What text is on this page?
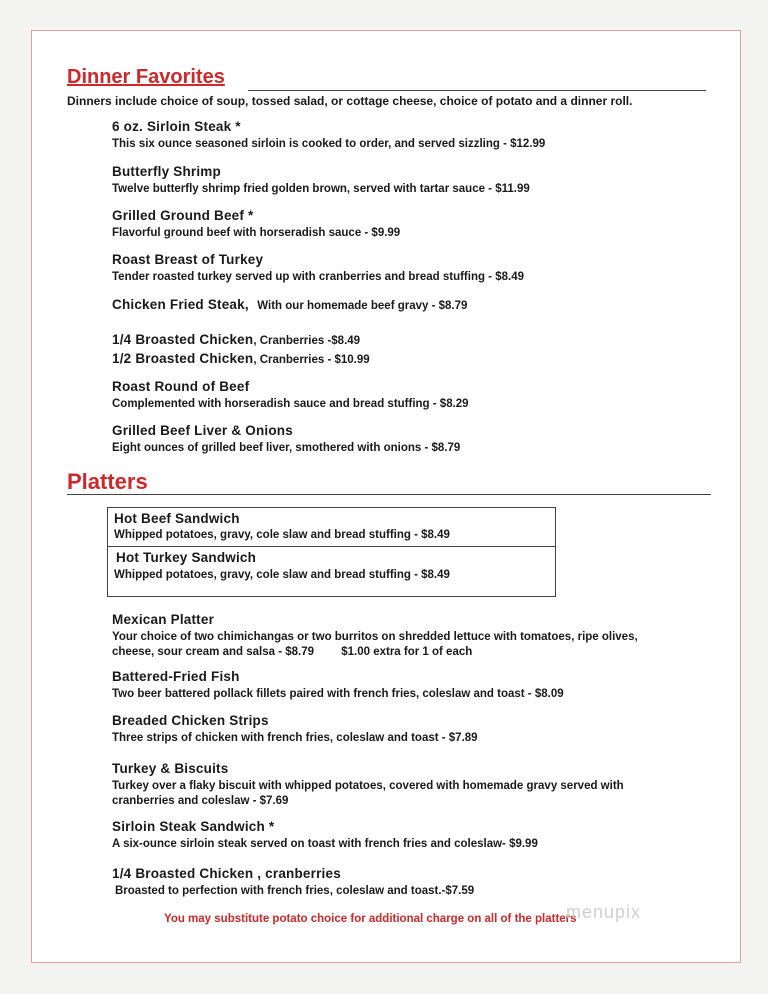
Dinner Favorites
Dinners include choice of soup, tossed salad, or cottage cheese, choice of potato and a dinner roll.
6 oz. Sirloin Steak *
This six ounce seasoned sirloin is cooked to order, and served sizzling - $12.99
Butterfly Shrimp
Twelve butterfly shrimp fried golden brown, served with tartar sauce - $11.99
Grilled Ground Beef *
Flavorful ground beef with horseradish sauce - $9.99
Roast Breast of Turkey
Tender roasted turkey served up with cranberries and bread stuffing - $8.49
Chicken Fried Steak, With our homemade beef gravy - $8.79
1/4 Broasted Chicken, Cranberries -$8.49
1/2 Broasted Chicken, Cranberries - $10.99
Roast Round of Beef
Complemented with horseradish sauce and bread stuffing - $8.29
Grilled Beef Liver & Onions
Eight ounces of grilled beef liver, smothered with onions - $8.79
Platters
Hot Beef Sandwich
Whipped potatoes, gravy, cole slaw and bread stuffing - $8.49
Hot Turkey Sandwich
Whipped potatoes, gravy, cole slaw and bread stuffing - $8.49
Mexican Platter
Your choice of two chimichangas or two burritos on shredded lettuce with tomatoes, ripe olives,
cheese, sour cream and salsa - $8.79 $1.00 extra for 1 of each
Battered-Fried Fish
Two beer battered pollack fillets paired with french fries, coleslaw and toast - $8.09
Breaded Chicken Strips
Three strips of chicken with french fries, coleslaw and toast - $7.89
Turkey & Biscuits
Turkey over a flaky biscuit with whipped potatoes, covered with homemade gravy served with
cranberries and coleslaw - $7.69
Sirloin Steak Sandwich *
A six-ounce sirloin steak served on toast with french fries and coleslaw- $9.99
1/4 Broasted Chicken , cranberries
Broasted to perfection with french fries, coleslaw and toast.-$7.59
You may substitute potato choice for additional charge on all of the platters
menupix
